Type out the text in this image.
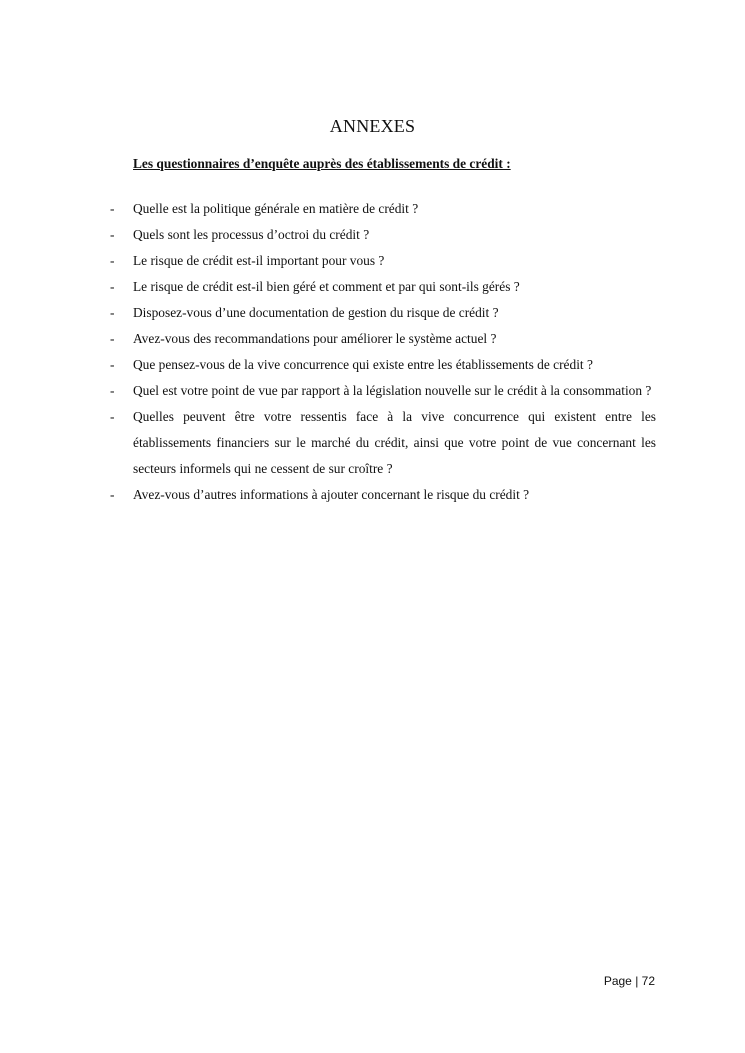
ANNEXES
Les questionnaires d’enquête auprès des établissements de crédit :
- Quelle est la politique générale en matière de crédit ?
- Quels sont les processus d’octroi du crédit ?
- Le risque de crédit est-il important pour vous ?
- Le risque de crédit est-il bien géré et comment et par qui sont-ils gérés ?
- Disposez-vous d’une documentation de gestion du risque de crédit ?
- Avez-vous des recommandations pour améliorer le système actuel ?
- Que pensez-vous de la vive concurrence qui existe entre les établissements de crédit ?
- Quel est votre point de vue par rapport à la législation nouvelle sur le crédit à la consommation ?
- Quelles peuvent être votre ressentis face à la vive concurrence qui existent entre les établissements financiers sur le marché du crédit, ainsi que votre point de vue concernant les secteurs informels qui ne cessent de sur croître ?
- Avez-vous d’autres informations à ajouter concernant le risque du crédit ?
Page | 72
